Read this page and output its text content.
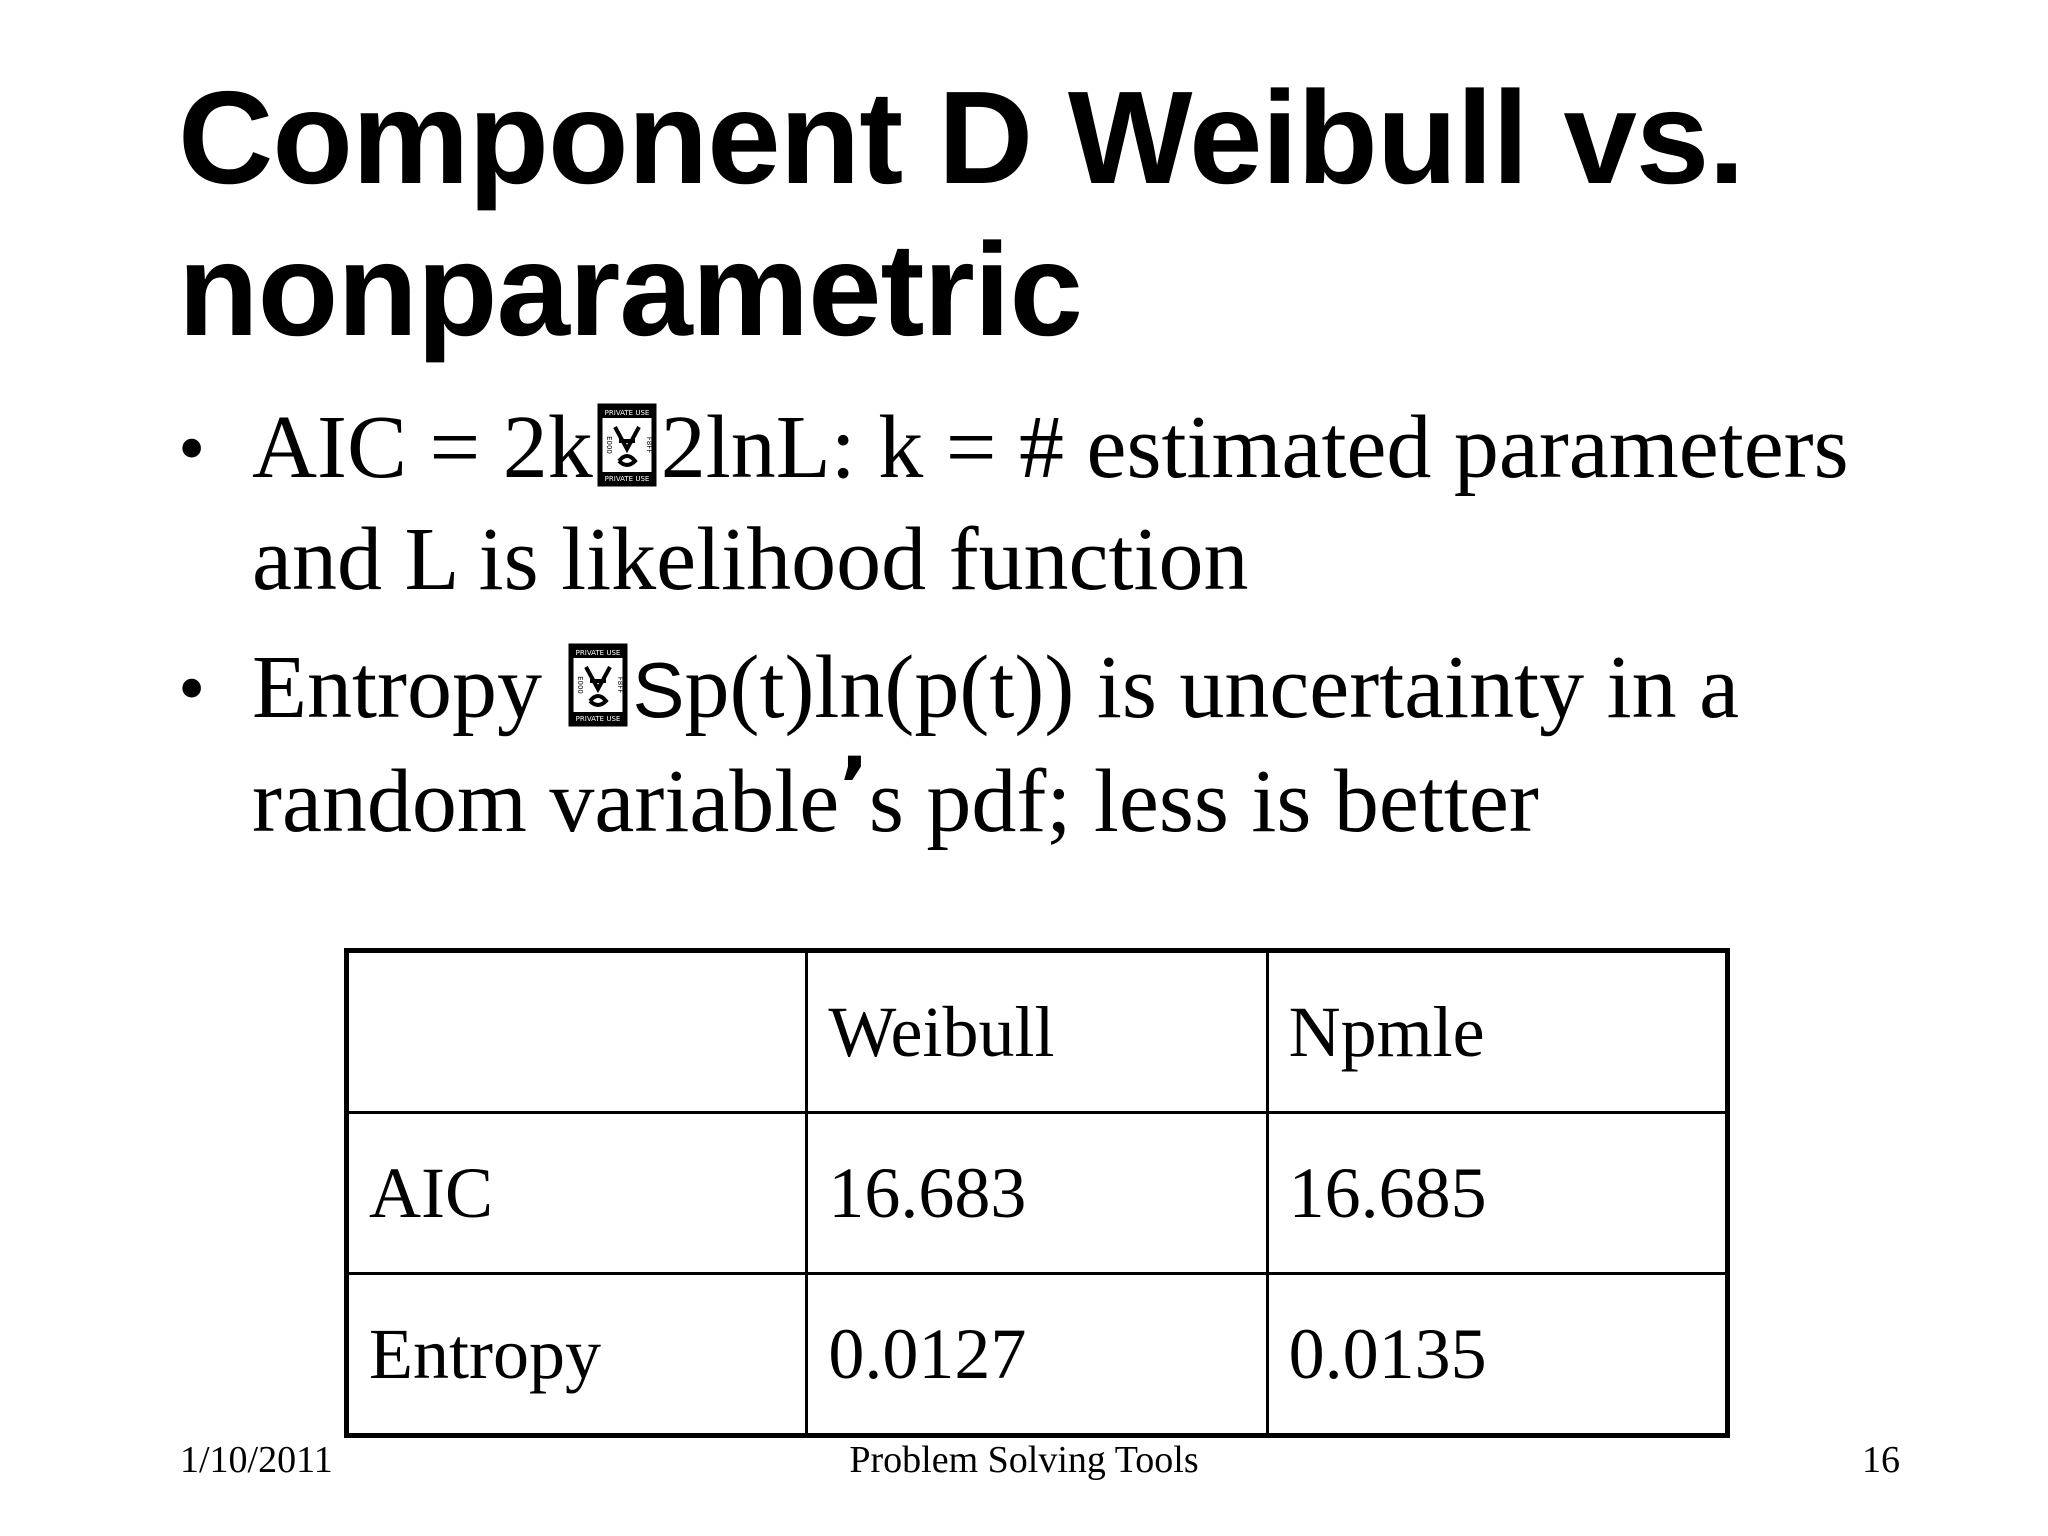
Component D Weibull vs. nonparametric
• AIC = 2k PRIVATE USE
PRIVATE USE
E000	F8FF 2lnL: k = # estimated parameters and L is likelihood function
• Entropy PRIVATE USE
PRIVATE USE
E000	F8FF Sp(t)ln(p(t)) is uncertainty in a random variable’s pdf; less is better
	Weibull	Npmle
AIC	16.683	16.685
Entropy	0.0127	0.0135
1/10/2011	Problem Solving Tools	16
